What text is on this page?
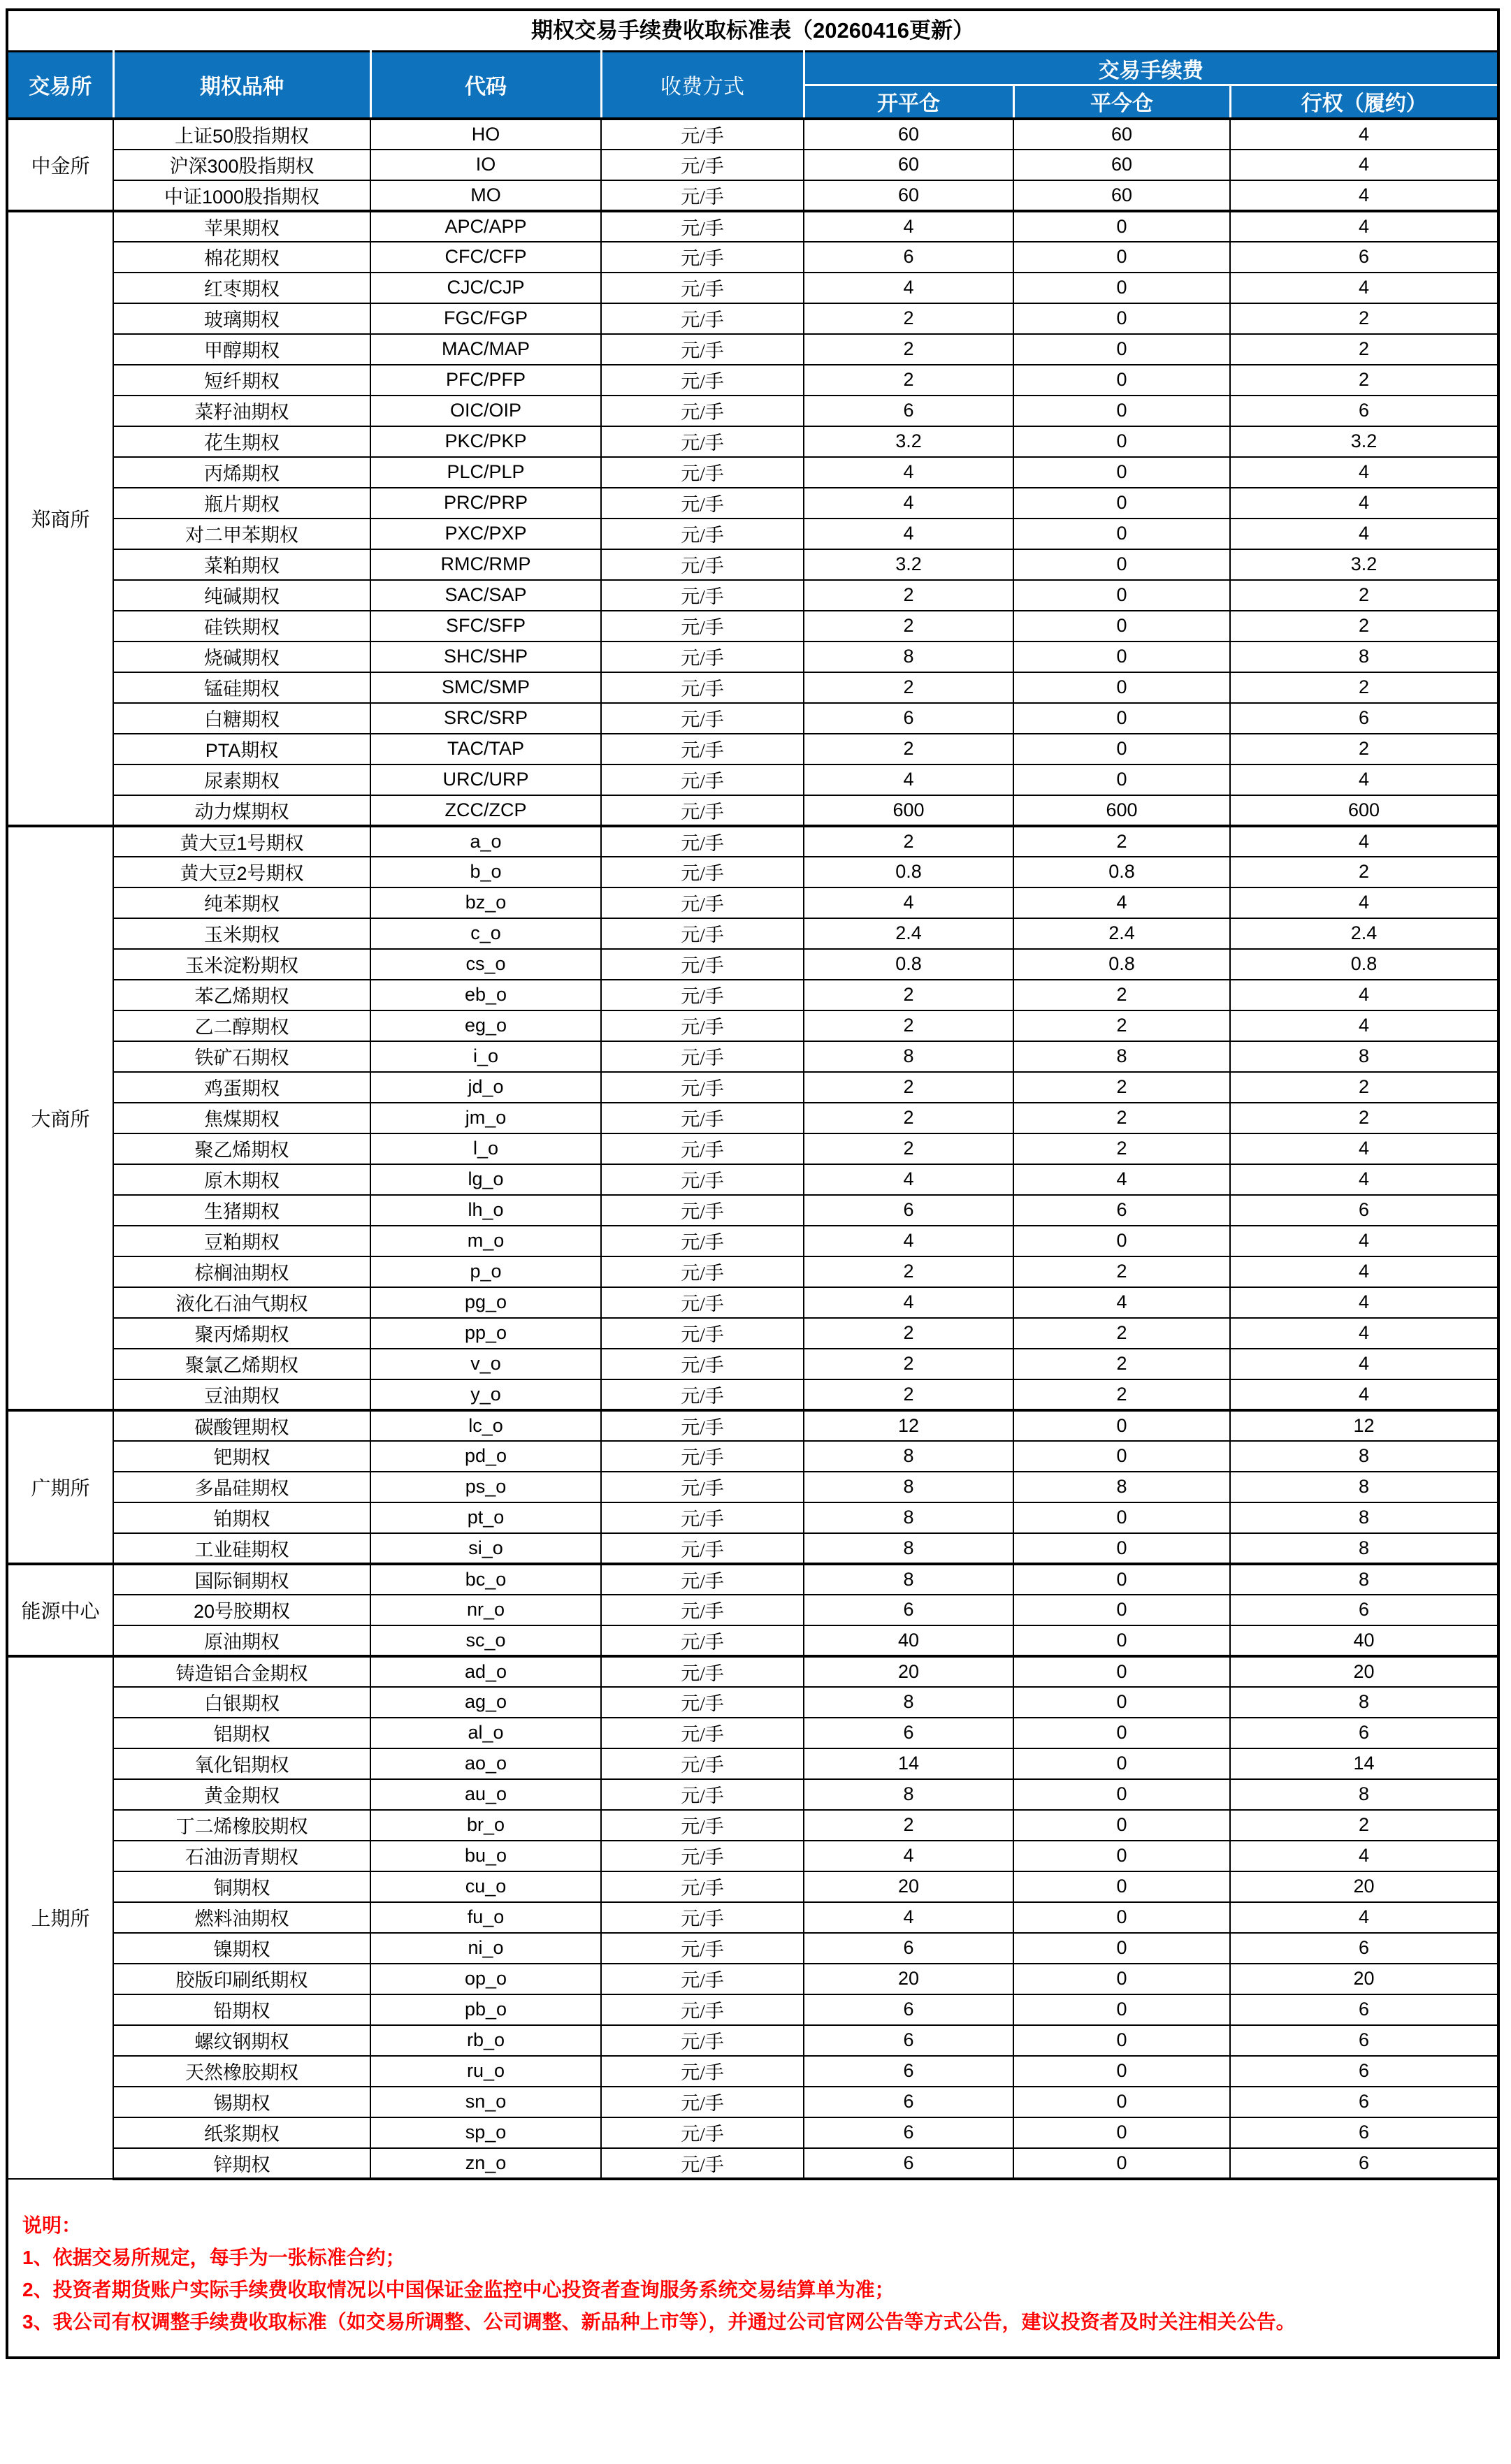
期权交易手续费收取标准表（20260416更新）
交易所	期权品种	代码	收费方式	交易手续费		
				开平仓	平今仓	行权（履约）
中金所	上证50股指期权	HO	元/手	60	60	4
	沪深300股指期权	IO	元/手	60	60	4
	中证1000股指期权	MO	元/手	60	60	4
郑商所	苹果期权	APC/APP	元/手	4	0	4
	棉花期权	CFC/CFP	元/手	6	0	6
	红枣期权	CJC/CJP	元/手	4	0	4
	玻璃期权	FGC/FGP	元/手	2	0	2
	甲醇期权	MAC/MAP	元/手	2	0	2
	短纤期权	PFC/PFP	元/手	2	0	2
	菜籽油期权	OIC/OIP	元/手	6	0	6
	花生期权	PKC/PKP	元/手	3.2	0	3.2
	丙烯期权	PLC/PLP	元/手	4	0	4
	瓶片期权	PRC/PRP	元/手	4	0	4
	对二甲苯期权	PXC/PXP	元/手	4	0	4
	菜粕期权	RMC/RMP	元/手	3.2	0	3.2
	纯碱期权	SAC/SAP	元/手	2	0	2
	硅铁期权	SFC/SFP	元/手	2	0	2
	烧碱期权	SHC/SHP	元/手	8	0	8
	锰硅期权	SMC/SMP	元/手	2	0	2
	白糖期权	SRC/SRP	元/手	6	0	6
	PTA期权	TAC/TAP	元/手	2	0	2
	尿素期权	URC/URP	元/手	4	0	4
	动力煤期权	ZCC/ZCP	元/手	600	600	600
大商所	黄大豆1号期权	a_o	元/手	2	2	4
	黄大豆2号期权	b_o	元/手	0.8	0.8	2
	纯苯期权	bz_o	元/手	4	4	4
	玉米期权	c_o	元/手	2.4	2.4	2.4
	玉米淀粉期权	cs_o	元/手	0.8	0.8	0.8
	苯乙烯期权	eb_o	元/手	2	2	4
	乙二醇期权	eg_o	元/手	2	2	4
	铁矿石期权	i_o	元/手	8	8	8
	鸡蛋期权	jd_o	元/手	2	2	2
	焦煤期权	jm_o	元/手	2	2	2
	聚乙烯期权	l_o	元/手	2	2	4
	原木期权	lg_o	元/手	4	4	4
	生猪期权	lh_o	元/手	6	6	6
	豆粕期权	m_o	元/手	4	0	4
	棕榈油期权	p_o	元/手	2	2	4
	液化石油气期权	pg_o	元/手	4	4	4
	聚丙烯期权	pp_o	元/手	2	2	4
	聚氯乙烯期权	v_o	元/手	2	2	4
	豆油期权	y_o	元/手	2	2	4
广期所	碳酸锂期权	lc_o	元/手	12	0	12
	钯期权	pd_o	元/手	8	0	8
	多晶硅期权	ps_o	元/手	8	8	8
	铂期权	pt_o	元/手	8	0	8
	工业硅期权	si_o	元/手	8	0	8
能源中心	国际铜期权	bc_o	元/手	8	0	8
	20号胶期权	nr_o	元/手	6	0	6
	原油期权	sc_o	元/手	40	0	40
上期所	铸造铝合金期权	ad_o	元/手	20	0	20
	白银期权	ag_o	元/手	8	0	8
	铝期权	al_o	元/手	6	0	6
	氧化铝期权	ao_o	元/手	14	0	14
	黄金期权	au_o	元/手	8	0	8
	丁二烯橡胶期权	br_o	元/手	2	0	2
	石油沥青期权	bu_o	元/手	4	0	4
	铜期权	cu_o	元/手	20	0	20
	燃料油期权	fu_o	元/手	4	0	4
	镍期权	ni_o	元/手	6	0	6
	胶版印刷纸期权	op_o	元/手	20	0	20
	铅期权	pb_o	元/手	6	0	6
	螺纹钢期权	rb_o	元/手	6	0	6
	天然橡胶期权	ru_o	元/手	6	0	6
	锡期权	sn_o	元/手	6	0	6
	纸浆期权	sp_o	元/手	6	0	6
	锌期权	zn_o	元/手	6	0	6
说明：
1、依据交易所规定，每手为一张标准合约；
2、投资者期货账户实际手续费收取情况以中国保证金监控中心投资者查询服务系统交易结算单为准；
3、我公司有权调整手续费收取标准（如交易所调整、公司调整、新品种上市等），并通过公司官网公告等方式公告，建议投资者及时关注相关公告。
